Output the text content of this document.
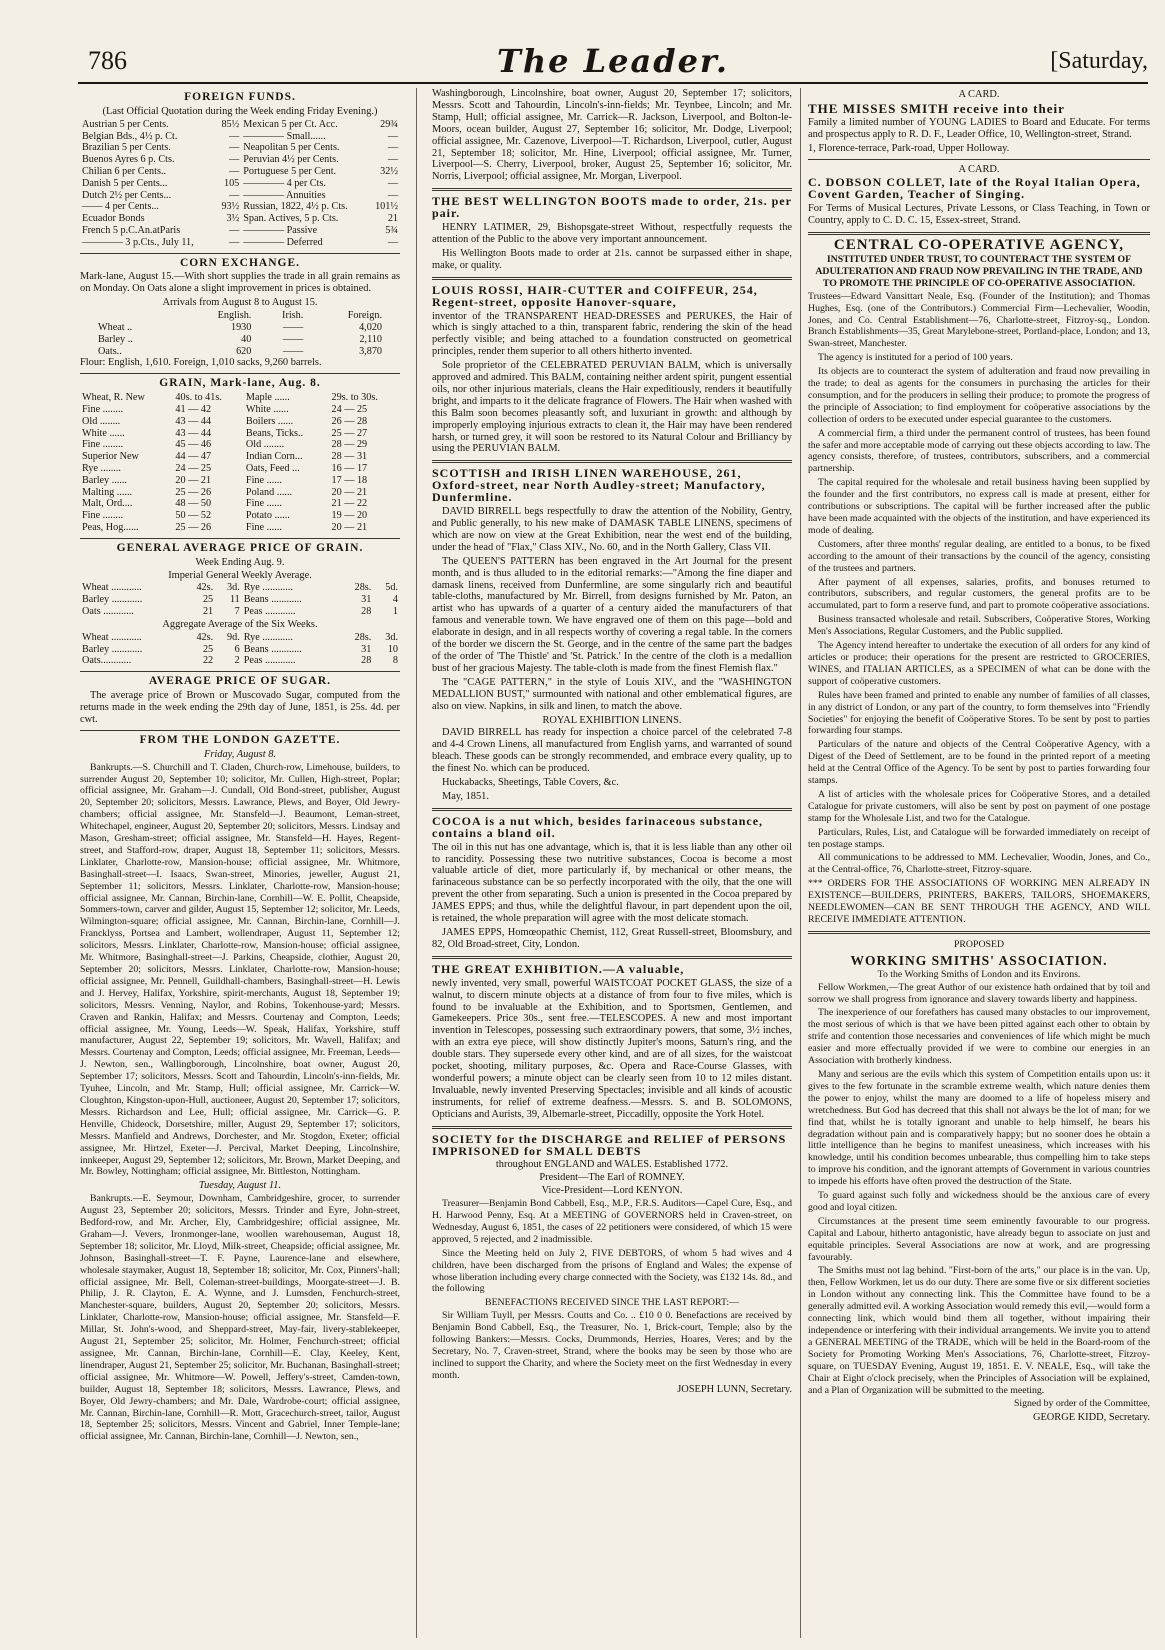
786	The Leader.	[Saturday,
FOREIGN FUNDS.
(Last Official Quotation during the Week ending Friday Evening.)
Austrian 5 per Cents.	85½	Mexican 5 per Ct. Acc.	29¾
Belgian Bds., 4½ p. Ct.	—	———— Small......	—
Brazilian 5 per Cents.	—	Neapolitan 5 per Cents.	—
Buenos Ayres 6 p. Cts.	—	Peruvian 4½ per Cents.	—
Chilian 6 per Cents..	—	Portuguese 5 per Cent.	32½
Danish 5 per Cents...	105	———— 4 per Cts.	—
Dutch 2½ per Cents...	—	———— Annuities	—
—— 4 per Cents...	93½	Russian, 1822, 4½ p. Cts.	101½
Ecuador Bonds	3½	Span. Actives, 5 p. Cts.	21
French 5 p.C.An.atParis	—	———— Passive	5¾
———— 3 p.Cts., July 11,	—	———— Deferred	—
CORN EXCHANGE.
Mark-lane, August 15.—With short supplies the trade in all grain remains as on Monday. On Oats alone a slight improvement in prices is obtained.
Arrivals from August 8 to August 15.
	English.	Irish.	Foreign.
Wheat ..	1930	——	4,020
Barley ..	40	——	2,110
Oats..	620	——	3,870
Flour: English, 1,610. Foreign, 1,010 sacks, 9,260 barrels.
GRAIN, Mark-lane, Aug. 8.
Wheat, R. New	40s. to 41s.	Maple ......	29s. to 30s.
Fine ........	41 — 42	White ......	24 — 25
Old ........	43 — 44	Boilers ......	26 — 28
White ......	43 — 44	Beans, Ticks..	25 — 27
Fine ........	45 — 46	Old ........	28 — 29
Superior New	44 — 47	Indian Corn...	28 — 31
Rye ........	24 — 25	Oats, Feed ...	16 — 17
Barley ......	20 — 21	Fine ......	17 — 18
Malting ......	25 — 26	Poland ......	20 — 21
Malt, Ord....	48 — 50	Fine ......	21 — 22
Fine ........	50 — 52	Potato ......	19 — 20
Peas, Hog......	25 — 26	Fine ......	20 — 21
GENERAL AVERAGE PRICE OF GRAIN.
Week Ending Aug. 9.
Imperial General Weekly Average.
Wheat ............	42s.	3d.	Rye ............	28s.	5d.
Barley ............	25	11	Beans ............	31	4
Oats ............	21	7	Peas ............	28	1
Aggregate Average of the Six Weeks.
Wheat ............	42s.	9d.	Rye ............	28s.	3d.
Barley ............	25	6	Beans ............	31	10
Oats............	22	2	Peas ............	28	8
AVERAGE PRICE OF SUGAR.
The average price of Brown or Muscovado Sugar, computed from the returns made in the week ending the 29th day of June, 1851, is 25s. 4d. per cwt.
FROM THE LONDON GAZETTE.
Friday, August 8.
Bankrupts.—S. Churchill and T. Claden, Church-row, Limehouse, builders, to surrender August 20, September 10; solicitor, Mr. Cullen, High-street, Poplar; official assignee, Mr. Graham—J. Cundall, Old Bond-street, publisher, August 20, September 20; solicitors, Messrs. Lawrance, Plews, and Boyer, Old Jewry-chambers; official assignee, Mr. Stansfeld—J. Beaumont, Leman-street, Whitechapel, engineer, August 20, September 20; solicitors, Messrs. Lindsay and Mason, Gresham-street; official assignee, Mr. Stansfeld—H. Hayes, Regent-street, and Stafford-row, draper, August 18, September 11; solicitors, Messrs. Linklater, Charlotte-row, Mansion-house; official assignee, Mr. Whitmore, Basinghall-street—I. Isaacs, Swan-street, Minories, jeweller, August 21, September 11; solicitors, Messrs. Linklater, Charlotte-row, Mansion-house; official assignee, Mr. Cannan, Birchin-lane, Cornhill—W. E. Pollit, Cheapside, Sommers-town, carver and gilder, August 15, September 12; solicitor, Mr. Leeds, Wilmington-square; official assignee, Mr. Cannan, Birchin-lane, Cornhill—J. Francklyss, Portsea and Lambert, wollendraper, August 11, September 12; solicitors, Messrs. Linklater, Charlotte-row, Mansion-house; official assignee, Mr. Whitmore, Basinghall-street—J. Parkins, Cheapside, clothier, August 20, September 20; solicitors, Messrs. Linklater, Charlotte-row, Mansion-house; official assignee, Mr. Pennell, Guildhall-chambers, Basinghall-street—H. Lewis and J. Hervey, Halifax, Yorkshire, spirit-merchants, August 18, September 19; solicitors, Messrs. Venning, Naylor, and Robins, Tokenhouse-yard; Messrs. Craven and Rankin, Halifax; and Messrs. Courtenay and Compton, Leeds; official assignee, Mr. Young, Leeds—W. Speak, Halifax, Yorkshire, stuff manufacturer, August 22, September 19; solicitors, Mr. Wavell, Halifax; and Messrs. Courtenay and Compton, Leeds; official assignee, Mr. Freeman, Leeds—J. Newton, sen., Wallingborough, Lincolnshire, boat owner, August 20, September 17; solicitors, Messrs. Scott and Tahourdin, Lincoln's-inn-fields, Mr. Tyuhee, Lincoln, and Mr. Stamp, Hull; official assignee, Mr. Carrick—W. Cloughton, Kingston-upon-Hull, auctioneer, August 20, September 17; solicitors, Messrs. Richardson and Lee, Hull; official assignee, Mr. Carrick—G. P. Henville, Chideock, Dorsetshire, miller, August 29, September 17; solicitors, Messrs. Manfield and Andrews, Dorchester, and Mr. Stogdon, Exeter; official assignee, Mr. Hirtzel, Exeter—J. Percival, Market Deeping, Lincolnshire, innkeeper, August 29, September 12; solicitors, Mr. Brown, Market Deeping, and Mr. Bowley, Nottingham; official assignee, Mr. Bittleston, Nottingham.
Tuesday, August 11.
Bankrupts.—E. Seymour, Downham, Cambridgeshire, grocer, to surrender August 23, September 20; solicitors, Messrs. Trinder and Eyre, John-street, Bedford-row, and Mr. Archer, Ely, Cambridgeshire; official assignee, Mr. Graham—J. Vevers, Ironmonger-lane, woollen warehouseman, August 18, September 18; solicitor, Mr. Lloyd, Milk-street, Cheapside; official assignee, Mr. Johnson, Basinghall-street—T. F. Payne, Laurence-lane and elsewhere, wholesale staymaker, August 18, September 18; solicitor, Mr. Cox, Pinners'-hall; official assignee, Mr. Bell, Coleman-street-buildings, Moorgate-street—J. B. Philip, J. R. Clayton, E. A. Wynne, and J. Lumsden, Fenchurch-street, Manchester-square, builders, August 20, September 20; solicitors, Messrs. Linklater, Charlotte-row, Mansion-house; official assignee, Mr. Stansfeld—F. Millar, St. John's-wood, and Sheppard-street, May-fair, livery-stablekeeper, August 21, September 25; solicitor, Mr. Holmer, Fenchurch-street; official assignee, Mr. Cannan, Birchin-lane, Cornhill—E. Clay, Keeley, Kent, linendraper, August 21, September 25; solicitor, Mr. Buchanan, Basinghall-street; official assignee, Mr. Whitmore—W. Powell, Jeffery's-street, Camden-town, builder, August 18, September 18; solicitors, Messrs. Lawrance, Plews, and Boyer, Old Jewry-chambers; and Mr. Dale, Wardrobe-court; official assignee, Mr. Cannan, Birchin-lane, Cornhill—R. Mott, Gracechurch-street, tailor, August 18, September 25; solicitors, Messrs. Vincent and Gabriel, Inner Temple-lane; official assignee, Mr. Cannan, Birchin-lane, Cornhill—J. Newton, sen.,
Washingborough, Lincolnshire, boat owner, August 20, September 17; solicitors, Messrs. Scott and Tahourdin, Lincoln's-inn-fields; Mr. Teynbee, Lincoln; and Mr. Stamp, Hull; official assignee, Mr. Carrick—R. Jackson, Liverpool, and Bolton-le-Moors, ocean builder, August 27, September 16; solicitor, Mr. Dodge, Liverpool; official assignee, Mr. Cazenove, Liverpool—T. Richardson, Liverpool, cutler, August 21, September 18; solicitor, Mr. Hine, Liverpool; official assignee, Mr. Turner, Liverpool—S. Cherry, Liverpool, broker, August 25, September 16; solicitor, Mr. Norris, Liverpool; official assignee, Mr. Morgan, Liverpool.
THE BEST WELLINGTON BOOTS made to order, 21s. per pair.
HENRY LATIMER, 29, Bishopsgate-street Without, respectfully requests the attention of the Public to the above very important announcement.
His Wellington Boots made to order at 21s. cannot be surpassed either in shape, make, or quality.
LOUIS ROSSI, HAIR-CUTTER and COIFFEUR, 254, Regent-street, opposite Hanover-square,
inventor of the TRANSPARENT HEAD-DRESSES and PERUKES, the Hair of which is singly attached to a thin, transparent fabric, rendering the skin of the head perfectly visible; and being attached to a foundation constructed on geometrical principles, render them superior to all others hitherto invented.
Sole proprietor of the CELEBRATED PERUVIAN BALM, which is universally approved and admired. This BALM, containing neither ardent spirit, pungent essential oils, nor other injurious materials, cleans the Hair expeditiously, renders it beautifully bright, and imparts to it the delicate fragrance of Flowers. The Hair when washed with this Balm soon becomes pleasantly soft, and luxuriant in growth: and although by improperly employing injurious extracts to clean it, the Hair may have been rendered harsh, or turned grey, it will soon be restored to its Natural Colour and Brilliancy by using the PERUVIAN BALM.
SCOTTISH and IRISH LINEN WAREHOUSE, 261, Oxford-street, near North Audley-street; Manufactory, Dunfermline.
DAVID BIRRELL begs respectfully to draw the attention of the Nobility, Gentry, and Public generally, to his new make of DAMASK TABLE LINENS, specimens of which are now on view at the Great Exhibition, near the west end of the building, under the head of "Flax," Class XIV., No. 60, and in the North Gallery, Class VII.
The QUEEN'S PATTERN has been engraved in the Art Journal for the present month, and is thus alluded to in the editorial remarks:—"Among the fine diaper and damask linens, received from Dunfermline, are some singularly rich and beautiful table-cloths, manufactured by Mr. Birrell, from designs furnished by Mr. Paton, an artist who has upwards of a quarter of a century aided the manufacturers of that famous and venerable town. We have engraved one of them on this page—bold and elaborate in design, and in all respects worthy of covering a regal table. In the corners of the border we discern the St. George, and in the centre of the same part the badges of the order of 'The Thistle' and 'St. Patrick.' In the centre of the cloth is a medallion bust of her gracious Majesty. The table-cloth is made from the finest Flemish flax."
The "CAGE PATTERN," in the style of Louis XIV., and the "WASHINGTON MEDALLION BUST," surmounted with national and other emblematical figures, are also on view. Napkins, in silk and linen, to match the above.
ROYAL EXHIBITION LINENS.
DAVID BIRRELL has ready for inspection a choice parcel of the celebrated 7-8 and 4-4 Crown Linens, all manufactured from English yarns, and warranted of sound bleach. These goods can be strongly recommended, and embrace every quality, up to the finest No. which can be produced.
Huckabacks, Sheetings, Table Covers, &c.
May, 1851.
COCOA is a nut which, besides farinaceous substance, contains a bland oil.
The oil in this nut has one advantage, which is, that it is less liable than any other oil to rancidity. Possessing these two nutritive substances, Cocoa is become a most valuable article of diet, more particularly if, by mechanical or other means, the farinaceous substance can be so perfectly incorporated with the oily, that the one will prevent the other from separating. Such a union is presented in the Cocoa prepared by JAMES EPPS; and thus, while the delightful flavour, in part dependent upon the oil, is retained, the whole preparation will agree with the most delicate stomach.
JAMES EPPS, Homœopathic Chemist, 112, Great Russell-street, Bloomsbury, and 82, Old Broad-street, City, London.
THE GREAT EXHIBITION.—A valuable,
newly invented, very small, powerful WAISTCOAT POCKET GLASS, the size of a walnut, to discern minute objects at a distance of from four to five miles, which is found to be invaluable at the Exhibition, and to Sportsmen, Gentlemen, and Gamekeepers. Price 30s., sent free.—TELESCOPES. A new and most important invention in Telescopes, possessing such extraordinary powers, that some, 3½ inches, with an extra eye piece, will show distinctly Jupiter's moons, Saturn's ring, and the double stars. They supersede every other kind, and are of all sizes, for the waistcoat pocket, shooting, military purposes, &c. Opera and Race-Course Glasses, with wonderful powers; a minute object can be clearly seen from 10 to 12 miles distant. Invaluable, newly invented Preserving Spectacles; invisible and all kinds of acoustic instruments, for relief of extreme deafness.—Messrs. S. and B. SOLOMONS, Opticians and Aurists, 39, Albemarle-street, Piccadilly, opposite the York Hotel.
SOCIETY for the DISCHARGE and RELIEF of PERSONS IMPRISONED for SMALL DEBTS
throughout ENGLAND and WALES. Established 1772.
President—The Earl of ROMNEY.
Vice-President—Lord KENYON.
Treasurer—Benjamin Bond Cabbell, Esq., M.P., F.R.S. Auditors—Capel Cure, Esq., and H. Harwood Penny, Esq. At a MEETING of GOVERNORS held in Craven-street, on Wednesday, August 6, 1851, the cases of 22 petitioners were considered, of which 15 were approved, 5 rejected, and 2 inadmissible.
Since the Meeting held on July 2, FIVE DEBTORS, of whom 5 had wives and 4 children, have been discharged from the prisons of England and Wales; the expense of whose liberation including every charge connected with the Society, was £132 14s. 8d., and the following
BENEFACTIONS RECEIVED SINCE THE LAST REPORT:—
Sir William Tuyll, per Messrs. Coutts and Co. .. £10 0 0. Benefactions are received by Benjamin Bond Cabbell, Esq., the Treasurer, No. 1, Brick-court, Temple; also by the following Bankers:—Messrs. Cocks, Drummonds, Herries, Hoares, Veres; and by the Secretary, No. 7, Craven-street, Strand, where the books may be seen by those who are inclined to support the Charity, and where the Society meet on the first Wednesday in every month.
JOSEPH LUNN, Secretary.
A CARD.
THE MISSES SMITH receive into their
Family a limited number of YOUNG LADIES to Board and Educate. For terms and prospectus apply to R. D. F., Leader Office, 10, Wellington-street, Strand.
1, Florence-terrace, Park-road, Upper Holloway.
A CARD.
C. DOBSON COLLET, late of the Royal Italian Opera, Covent Garden, Teacher of Singing.
For Terms of Musical Lectures, Private Lessons, or Class Teaching, in Town or Country, apply to C. D. C. 15, Essex-street, Strand.
CENTRAL CO-OPERATIVE AGENCY,
INSTITUTED UNDER TRUST, TO COUNTERACT THE SYSTEM OF ADULTERATION AND FRAUD NOW PREVAILING IN THE TRADE, AND TO PROMOTE THE PRINCIPLE OF CO-OPERATIVE ASSOCIATION.
Trustees—Edward Vansittart Neale, Esq. (Founder of the Institution); and Thomas Hughes, Esq. (one of the Contributors.) Commercial Firm—Lechevalier, Woodin, Jones, and Co. Central Establishment—76, Charlotte-street, Fitzroy-sq., London. Branch Establishments—35, Great Marylebone-street, Portland-place, London; and 13, Swan-street, Manchester.
The agency is instituted for a period of 100 years.
Its objects are to counteract the system of adulteration and fraud now prevailing in the trade; to deal as agents for the consumers in purchasing the articles for their consumption, and for the producers in selling their produce; to promote the progress of the principle of Association; to find employment for coöperative associations by the collection of orders to be executed under especial guarantee to the customers.
A commercial firm, a third under the permanent control of trustees, has been found the safer and more acceptable mode of carrying out these objects according to law. The agency consists, therefore, of trustees, contributors, subscribers, and a commercial partnership.
The capital required for the wholesale and retail business having been supplied by the founder and the first contributors, no express call is made at present, either for contributions or subscriptions. The capital will be further increased after the public have been made acquainted with the objects of the institution, and have experienced its mode of dealing.
Customers, after three months' regular dealing, are entitled to a bonus, to be fixed according to the amount of their transactions by the council of the agency, consisting of the trustees and partners.
After payment of all expenses, salaries, profits, and bonuses returned to contributors, subscribers, and regular customers, the general profits are to be accumulated, part to form a reserve fund, and part to promote coöperative associations.
Business transacted wholesale and retail. Subscribers, Coöperative Stores, Working Men's Associations, Regular Customers, and the Public supplied.
The Agency intend hereafter to undertake the execution of all orders for any kind of articles or produce; their operations for the present are restricted to GROCERIES, WINES, and ITALIAN ARTICLES, as a SPECIMEN of what can be done with the support of coöperative customers.
Rules have been framed and printed to enable any number of families of all classes, in any district of London, or any part of the country, to form themselves into "Friendly Societies" for enjoying the benefit of Coöperative Stores. To be sent by post to parties forwarding four stamps.
Particulars of the nature and objects of the Central Coöperative Agency, with a Digest of the Deed of Settlement, are to be found in the printed report of a meeting held at the Central Office of the Agency. To be sent by post to parties forwarding four stamps.
A list of articles with the wholesale prices for Coöperative Stores, and a detailed Catalogue for private customers, will also be sent by post on payment of one postage stamp for the Wholesale List, and two for the Catalogue.
Particulars, Rules, List, and Catalogue will be forwarded immediately on receipt of ten postage stamps.
All communications to be addressed to MM. Lechevalier, Woodin, Jones, and Co., at the Central-office, 76, Charlotte-street, Fitzroy-square.
*** ORDERS FOR THE ASSOCIATIONS OF WORKING MEN ALREADY IN EXISTENCE—BUILDERS, PRINTERS, BAKERS, TAILORS, SHOEMAKERS, NEEDLEWOMEN—CAN BE SENT THROUGH THE AGENCY, AND WILL RECEIVE IMMEDIATE ATTENTION.
PROPOSED
WORKING SMITHS' ASSOCIATION.
To the Working Smiths of London and its Environs.
Fellow Workmen,—The great Author of our existence hath ordained that by toil and sorrow we shall progress from ignorance and slavery towards liberty and happiness.
The inexperience of our forefathers has caused many obstacles to our improvement, the most serious of which is that we have been pitted against each other to obtain by strife and contention those necessaries and conveniences of life which might be much easier and more effectually provided if we were to combine our energies in an Association with brotherly kindness.
Many and serious are the evils which this system of Competition entails upon us: it gives to the few fortunate in the scramble extreme wealth, which nature denies them the power to enjoy, whilst the many are doomed to a life of hopeless misery and wretchedness. But God has decreed that this shall not always be the lot of man; for we find that, whilst he is totally ignorant and unable to help himself, he bears his degradation without pain and is comparatively happy; but no sooner does he obtain a little intelligence than he begins to manifest uneasiness, which increases with his knowledge, until his condition becomes unbearable, thus compelling him to take steps to improve his condition, and the ignorant attempts of Government in various countries to impede his efforts have often proved the destruction of the State.
To guard against such folly and wickedness should be the anxious care of every good and loyal citizen.
Circumstances at the present time seem eminently favourable to our progress. Capital and Labour, hitherto antagonistic, have already begun to associate on just and equitable principles. Several Associations are now at work, and are progressing favourably.
The Smiths must not lag behind. "First-born of the arts," our place is in the van. Up, then, Fellow Workmen, let us do our duty. There are some five or six different societies in London without any connecting link. This the Committee have found to be a generally admitted evil. A working Association would remedy this evil,—would form a connecting link, which would bind them all together, without impairing their independence or interfering with their individual arrangements. We invite you to attend a GENERAL MEETING of the TRADE, which will be held in the Board-room of the Society for Promoting Working Men's Associations, 76, Charlotte-street, Fitzroy-square, on TUESDAY Evening, August 19, 1851. E. V. NEALE, Esq., will take the Chair at Eight o'clock precisely, when the Principles of Association will be explained, and a Plan of Organization will be submitted to the meeting.
Signed by order of the Committee,
GEORGE KIDD, Secretary.
